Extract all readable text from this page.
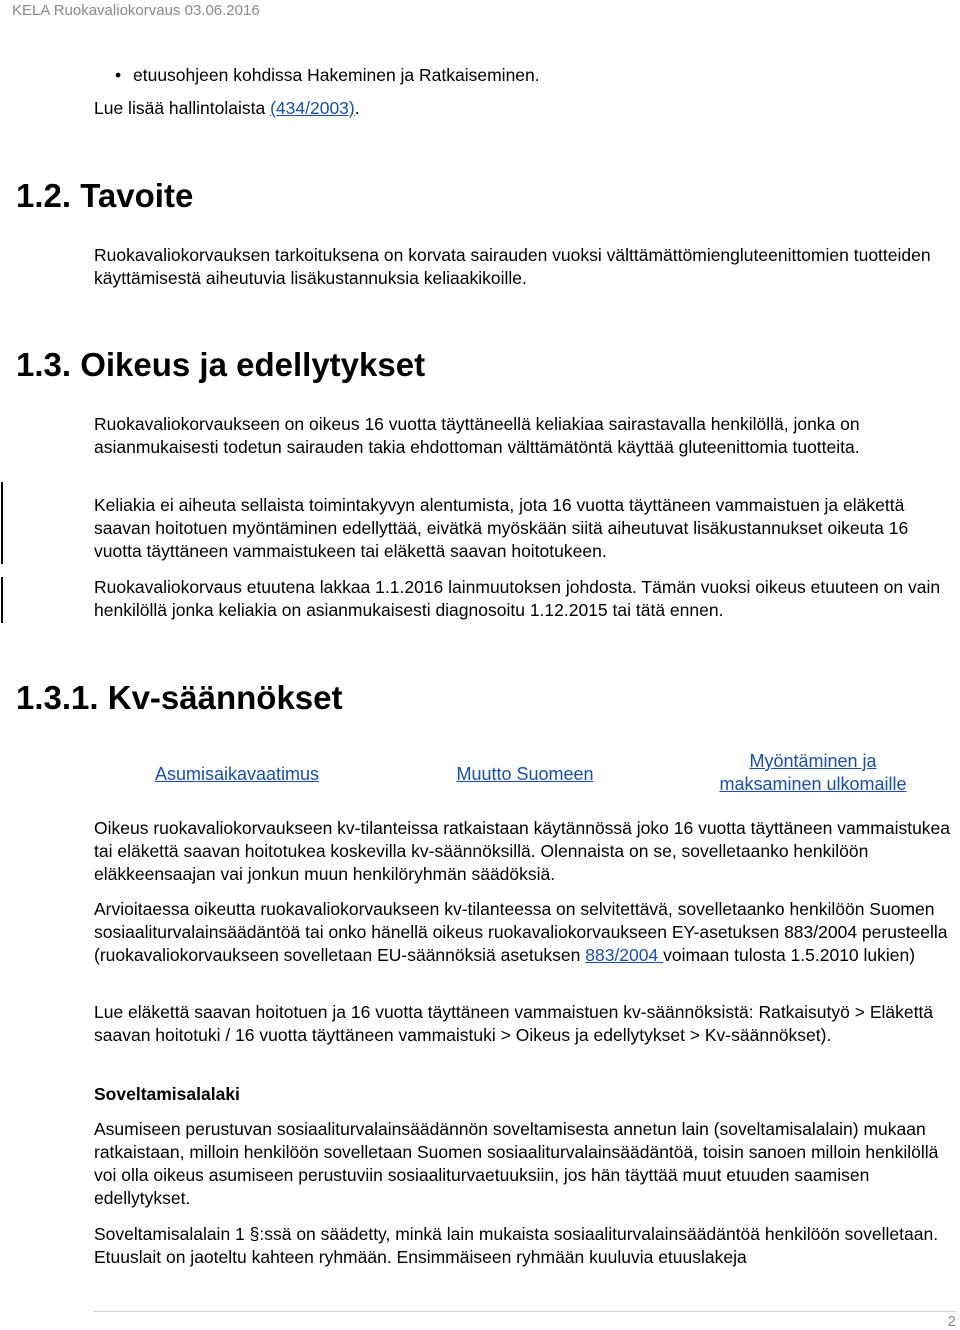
KELA Ruokavaliokorvaus 03.06.2016
• etuusohjeen kohdissa Hakeminen ja Ratkaiseminen.
Lue lisää hallintolaista (434/2003).
1.2. Tavoite
Ruokavaliokorvauksen tarkoituksena on korvata sairauden vuoksi välttämättömiengluteenittomien tuotteiden käyttämisestä aiheutuvia lisäkustannuksia keliaakikoille.
1.3. Oikeus ja edellytykset
Ruokavaliokorvaukseen on oikeus 16 vuotta täyttäneellä keliakiaa sairastavalla henkilöllä, jonka on asianmukaisesti todetun sairauden takia ehdottoman välttämätöntä käyttää gluteenittomia tuotteita.
Keliakia ei aiheuta sellaista toimintakyvyn alentumista, jota 16 vuotta täyttäneen vammaistuen ja eläkettä saavan hoitotuen myöntäminen edellyttää, eivätkä myöskään siitä aiheutuvat lisäkustannukset oikeuta 16 vuotta täyttäneen vammaistukeen tai eläkettä saavan hoitotukeen.
Ruokavaliokorvaus etuutena lakkaa 1.1.2016 lainmuutoksen johdosta. Tämän vuoksi oikeus etuuteen on vain henkilöllä jonka keliakia on asianmukaisesti diagnosoitu 1.12.2015 tai tätä ennen.
1.3.1. Kv-säännökset
Asumisaikavaatimus	Muutto Suomeen
Myöntäminen ja
maksaminen ulkomaille
Oikeus ruokavaliokorvaukseen kv-tilanteissa ratkaistaan käytännössä joko 16 vuotta täyttäneen vammaistukea tai eläkettä saavan hoitotukea koskevilla kv-säännöksillä. Olennaista on se, sovelletaanko henkilöön eläkkeensaajan vai jonkun muun henkilöryhmän säädöksiä.
Arvioitaessa oikeutta ruokavaliokorvaukseen kv-tilanteessa on selvitettävä, sovelletaanko henkilöön Suomen sosiaaliturvalainsäädäntöä tai onko hänellä oikeus ruokavaliokorvaukseen EY-asetuksen 883/2004 perusteella (ruokavaliokorvaukseen sovelletaan EU-säännöksiä asetuksen 883/2004 voimaan tulosta 1.5.2010 lukien)
Lue eläkettä saavan hoitotuen ja 16 vuotta täyttäneen vammaistuen kv-säännöksistä: Ratkaisutyö > Eläkettä saavan hoitotuki / 16 vuotta täyttäneen vammaistuki > Oikeus ja edellytykset > Kv-säännökset).
Soveltamisalalaki
Asumiseen perustuvan sosiaaliturvalainsäädännön soveltamisesta annetun lain (soveltamisalalain) mukaan ratkaistaan, milloin henkilöön sovelletaan Suomen sosiaaliturvalainsäädäntöä, toisin sanoen milloin henkilöllä voi olla oikeus asumiseen perustuviin sosiaaliturvaetuuksiin, jos hän täyttää muut etuuden saamisen edellytykset.
Soveltamisalalain 1 §:ssä on säädetty, minkä lain mukaista sosiaaliturvalainsäädäntöä henkilöön sovelletaan. Etuuslait on jaoteltu kahteen ryhmään. Ensimmäiseen ryhmään kuuluvia etuuslakeja
2
